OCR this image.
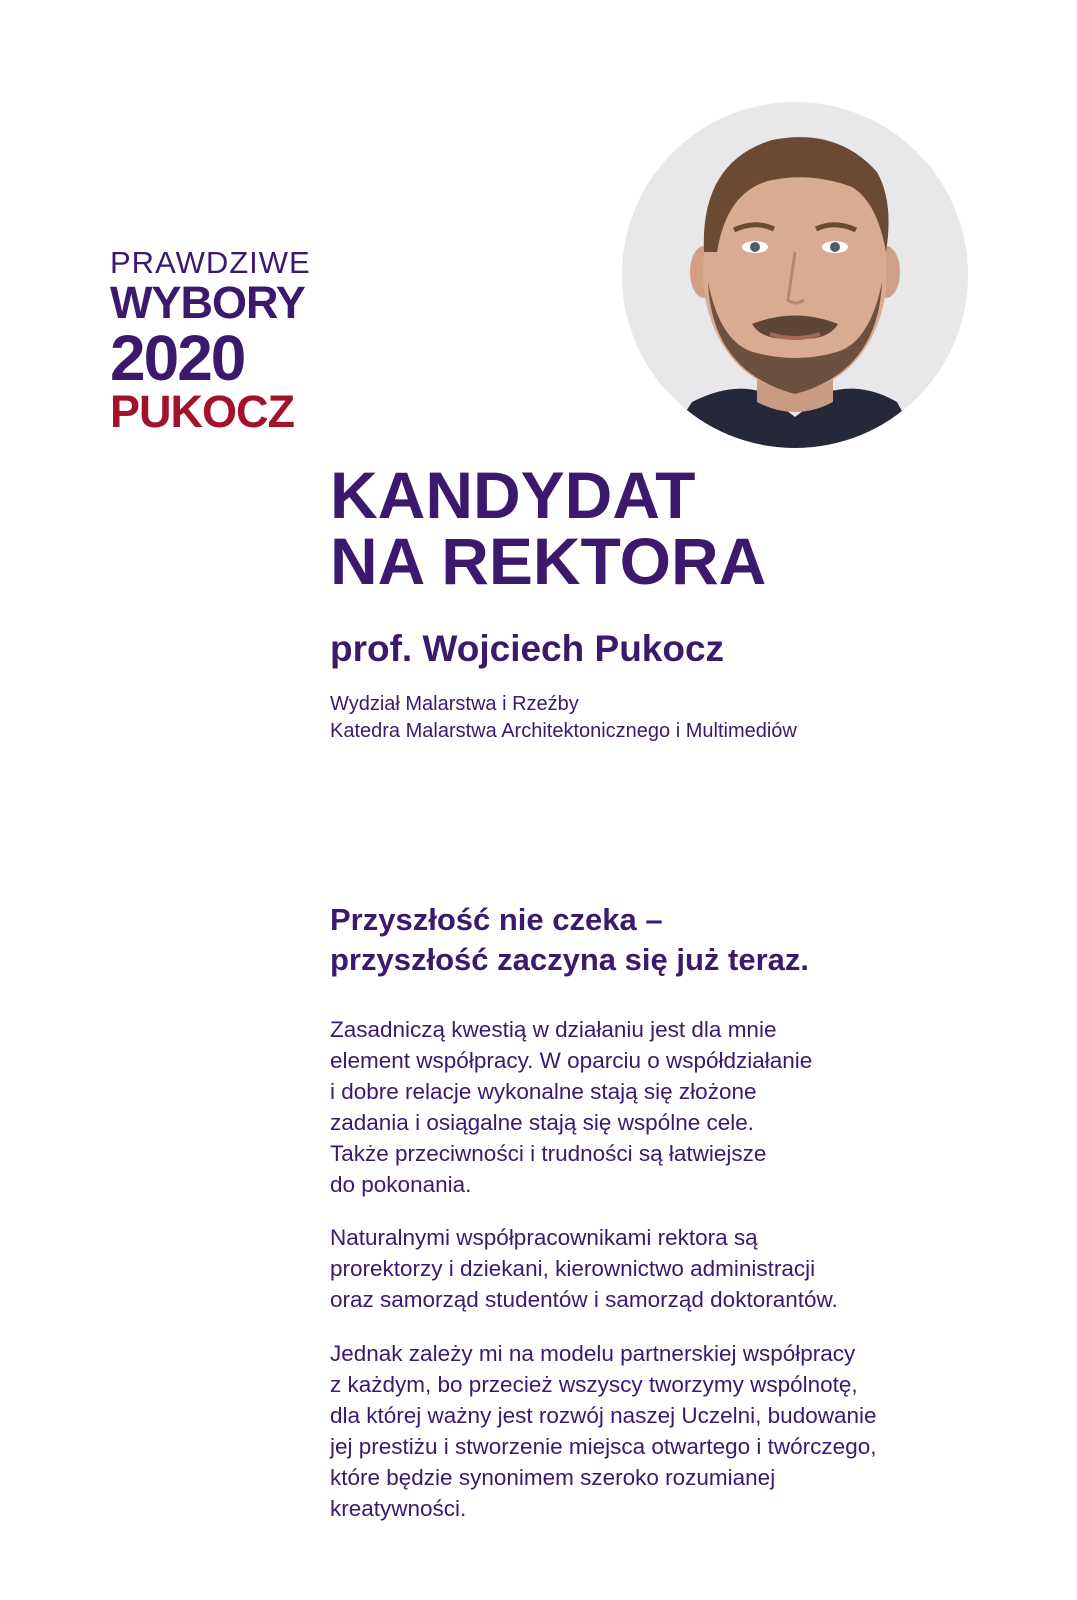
PRAWDZIWE
WYBORY
2020
PUKOCZ
KANDYDAT
NA REKTORA
prof. Wojciech Pukocz
Wydział Malarstwa i Rzeźby
Katedra Malarstwa Architektonicznego i Multimediów
Przyszłość nie czeka –
przyszłość zaczyna się już teraz.
Zasadniczą kwestią w działaniu jest dla mnie
element współpracy. W oparciu o współdziałanie
i dobre relacje wykonalne stają się złożone
zadania i osiągalne stają się wspólne cele.
Także przeciwności i trudności są łatwiejsze
do pokonania.
Naturalnymi współpracownikami rektora są
prorektorzy i dziekani, kierownictwo administracji
oraz samorząd studentów i samorząd doktorantów.
Jednak zależy mi na modelu partnerskiej współpracy
z każdym, bo przecież wszyscy tworzymy wspólnotę,
dla której ważny jest rozwój naszej Uczelni, budowanie
jej prestiżu i stworzenie miejsca otwartego i twórczego,
które będzie synonimem szeroko rozumianej
kreatywności.
